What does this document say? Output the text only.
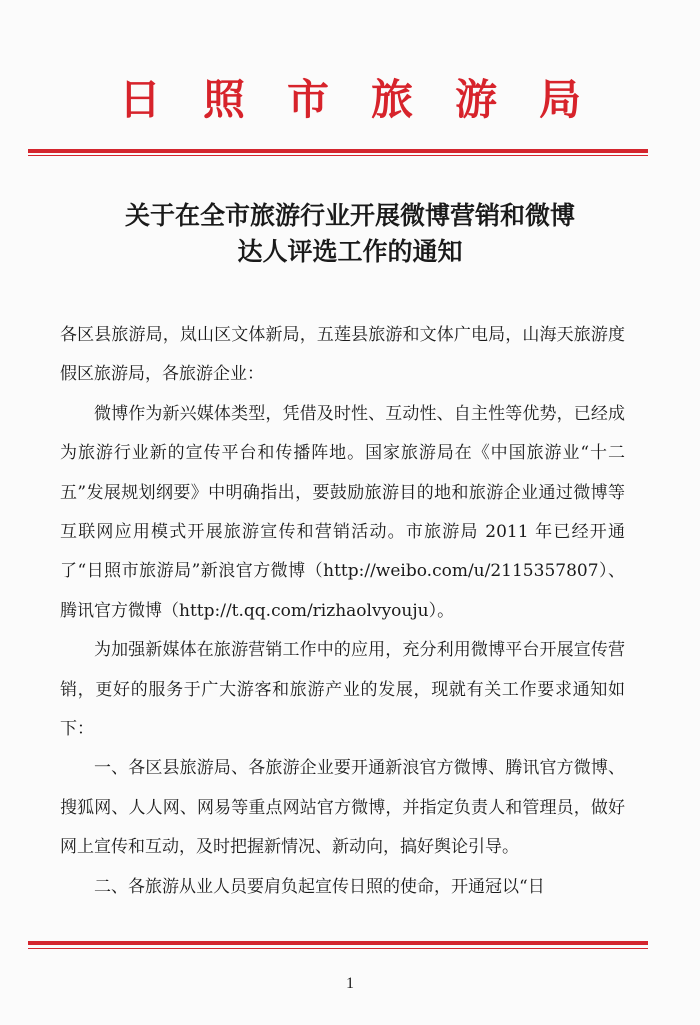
日 照 市 旅 游 局
关于在全市旅游行业开展微博营销和微博
达人评选工作的通知

各区县旅游局，岚山区文体新局，五莲县旅游和文体广电局，山海天旅游度假区旅游局，各旅游企业：

微博作为新兴媒体类型，凭借及时性、互动性、自主性等优势，已经成为旅游行业新的宣传平台和传播阵地。国家旅游局在《中国旅游业“十二五”发展规划纲要》中明确指出，要鼓励旅游目的地和旅游企业通过微博等互联网应用模式开展旅游宣传和营销活动。市旅游局 2011 年已经开通了“日照市旅游局”新浪官方微博（http://weibo.com/u/2115357807）、腾讯官方微博（http://t.qq.com/rizhaolvyouju）。

为加强新媒体在旅游营销工作中的应用，充分利用微博平台开展宣传营销，更好的服务于广大游客和旅游产业的发展，现就有关工作要求通知如下：

一、各区县旅游局、各旅游企业要开通新浪官方微博、腾讯官方微博、搜狐网、人人网、网易等重点网站官方微博，并指定负责人和管理员，做好网上宣传和互动，及时把握新情况、新动向，搞好舆论引导。

二、各旅游从业人员要肩负起宣传日照的使命，开通冠以“日

1
